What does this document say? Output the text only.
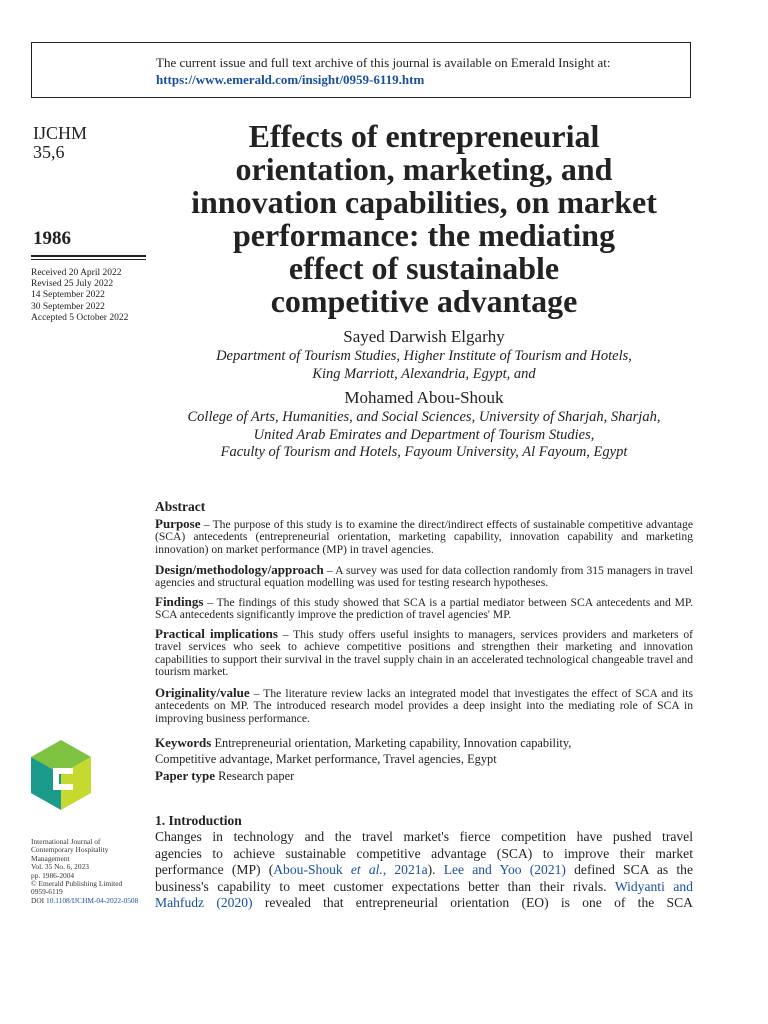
The current issue and full text archive of this journal is available on Emerald Insight at:
https://www.emerald.com/insight/0959-6119.htm
IJCHM
35,6
1986
Received 20 April 2022
Revised 25 July 2022
14 September 2022
30 September 2022
Accepted 5 October 2022
Effects of entrepreneurial
orientation, marketing, and
innovation capabilities, on market
performance: the mediating
effect of sustainable
competitive advantage
Sayed Darwish Elgarhy
Department of Tourism Studies, Higher Institute of Tourism and Hotels,
King Marriott, Alexandria, Egypt, and
Mohamed Abou-Shouk
College of Arts, Humanities, and Social Sciences, University of Sharjah, Sharjah,
United Arab Emirates and Department of Tourism Studies,
Faculty of Tourism and Hotels, Fayoum University, Al Fayoum, Egypt
Abstract
Purpose – The purpose of this study is to examine the direct/indirect effects of sustainable competitive advantage (SCA) antecedents (entrepreneurial orientation, marketing capability, innovation capability and marketing innovation) on market performance (MP) in travel agencies.
Design/methodology/approach – A survey was used for data collection randomly from 315 managers in travel agencies and structural equation modelling was used for testing research hypotheses.
Findings – The findings of this study showed that SCA is a partial mediator between SCA antecedents and MP. SCA antecedents significantly improve the prediction of travel agencies' MP.
Practical implications – This study offers useful insights to managers, services providers and marketers of travel services who seek to achieve competitive positions and strengthen their marketing and innovation capabilities to support their survival in the travel supply chain in an accelerated technological changeable travel and tourism market.
Originality/value – The literature review lacks an integrated model that investigates the effect of SCA and its antecedents on MP. The introduced research model provides a deep insight into the mediating role of SCA in improving business performance.
Keywords Entrepreneurial orientation, Marketing capability, Innovation capability,
Competitive advantage, Market performance, Travel agencies, Egypt
Paper type Research paper
International Journal of
Contemporary Hospitality
Management
Vol. 35 No. 6, 2023
pp. 1986-2004
© Emerald Publishing Limited
0959-6119
DOI 10.1108/IJCHM-04-2022-0508
1. Introduction
Changes in technology and the travel market's fierce competition have pushed travel
agencies to achieve sustainable competitive advantage (SCA) to improve their market
performance (MP) (Abou-Shouk et al., 2021a). Lee and Yoo (2021) defined SCA as the
business's capability to meet customer expectations better than their rivals. Widyanti and
Mahfudz (2020) revealed that entrepreneurial orientation (EO) is one of the SCA
